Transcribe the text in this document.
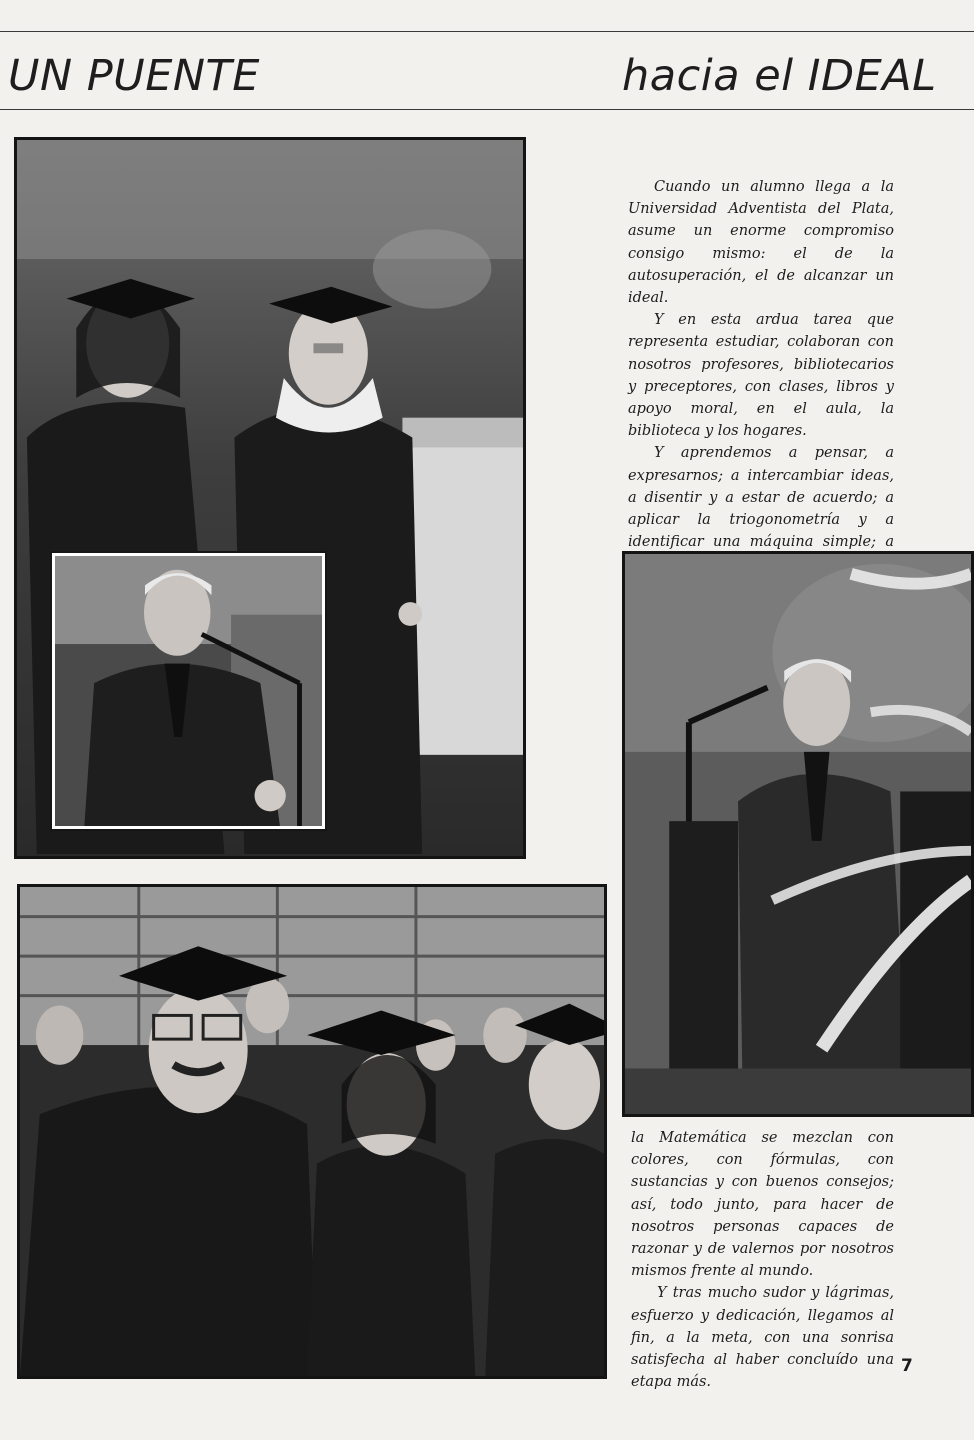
UN PUENTE	hacia el IDEAL

Cuando un alumno llega a la Universidad Adventista del Plata, asume un enorme compromiso consigo mismo: el de la autosuperación, el de alcanzar un ideal.

Y en esta ardua tarea que representa estudiar, colaboran con nosotros profesores, bibliotecarios y preceptores, con clases, libros y apoyo moral, en el aula, la biblioteca y los hogares.

Y aprendemos a pensar, a expresarnos; a intercambiar ideas, a disentir y a estar de acuerdo; a aplicar la triogonometría y a identificar una máquina simple; a

la Matemática se mezclan con colores, con fórmulas, con sustancias y con buenos consejos; así, todo junto, para hacer de nosotros personas capaces de razonar y de valernos por nosotros mismos frente al mundo.

Y tras mucho sudor y lágrimas, esfuerzo y dedicación, llegamos al fin, a la meta, con una sonrisa satisfecha al haber concluído una etapa más.

7
